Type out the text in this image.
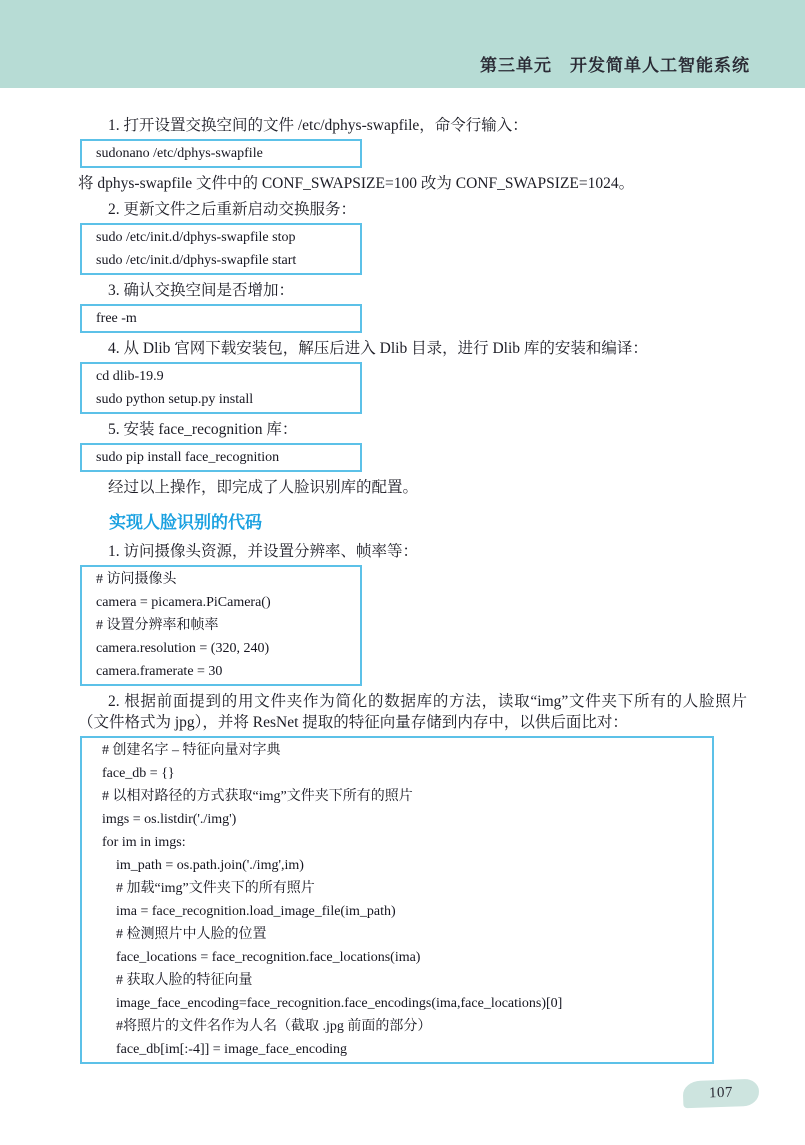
第三单元　开发简单人工智能系统

1. 打开设置交换空间的文件 /etc/dphys-swapfile，命令行输入：

sudonano /etc/dphys-swapfile

将 dphys-swapfile 文件中的 CONF_SWAPSIZE=100 改为 CONF_SWAPSIZE=1024。

2. 更新文件之后重新启动交换服务：

sudo /etc/init.d/dphys-swapfile stop
sudo /etc/init.d/dphys-swapfile start

3. 确认交换空间是否增加：

free -m

4. 从 Dlib 官网下载安装包，解压后进入 Dlib 目录，进行 Dlib 库的安装和编译：

cd dlib-19.9
sudo python setup.py install

5. 安装 face_recognition 库：

sudo pip install face_recognition

经过以上操作，即完成了人脸识别库的配置。

实现人脸识别的代码

1. 访问摄像头资源，并设置分辨率、帧率等：

# 访问摄像头
camera = picamera.PiCamera()
# 设置分辨率和帧率
camera.resolution = (320, 240)
camera.framerate = 30

2. 根据前面提到的用文件夹作为简化的数据库的方法，读取“img”文件夹下所有的人脸照片（文件格式为 jpg），并将 ResNet 提取的特征向量存储到内存中，以供后面比对：

# 创建名字 – 特征向量对字典
face_db = {}
# 以相对路径的方式获取“img”文件夹下所有的照片
imgs = os.listdir('./img')
for im in imgs:
im_path = os.path.join('./img',im)
# 加载“img”文件夹下的所有照片
ima = face_recognition.load_image_file(im_path)
# 检测照片中人脸的位置
face_locations = face_recognition.face_locations(ima)
# 获取人脸的特征向量
image_face_encoding=face_recognition.face_encodings(ima,face_locations)[0]
#将照片的文件名作为人名（截取 .jpg 前面的部分）
face_db[im[:-4]] = image_face_encoding
107
